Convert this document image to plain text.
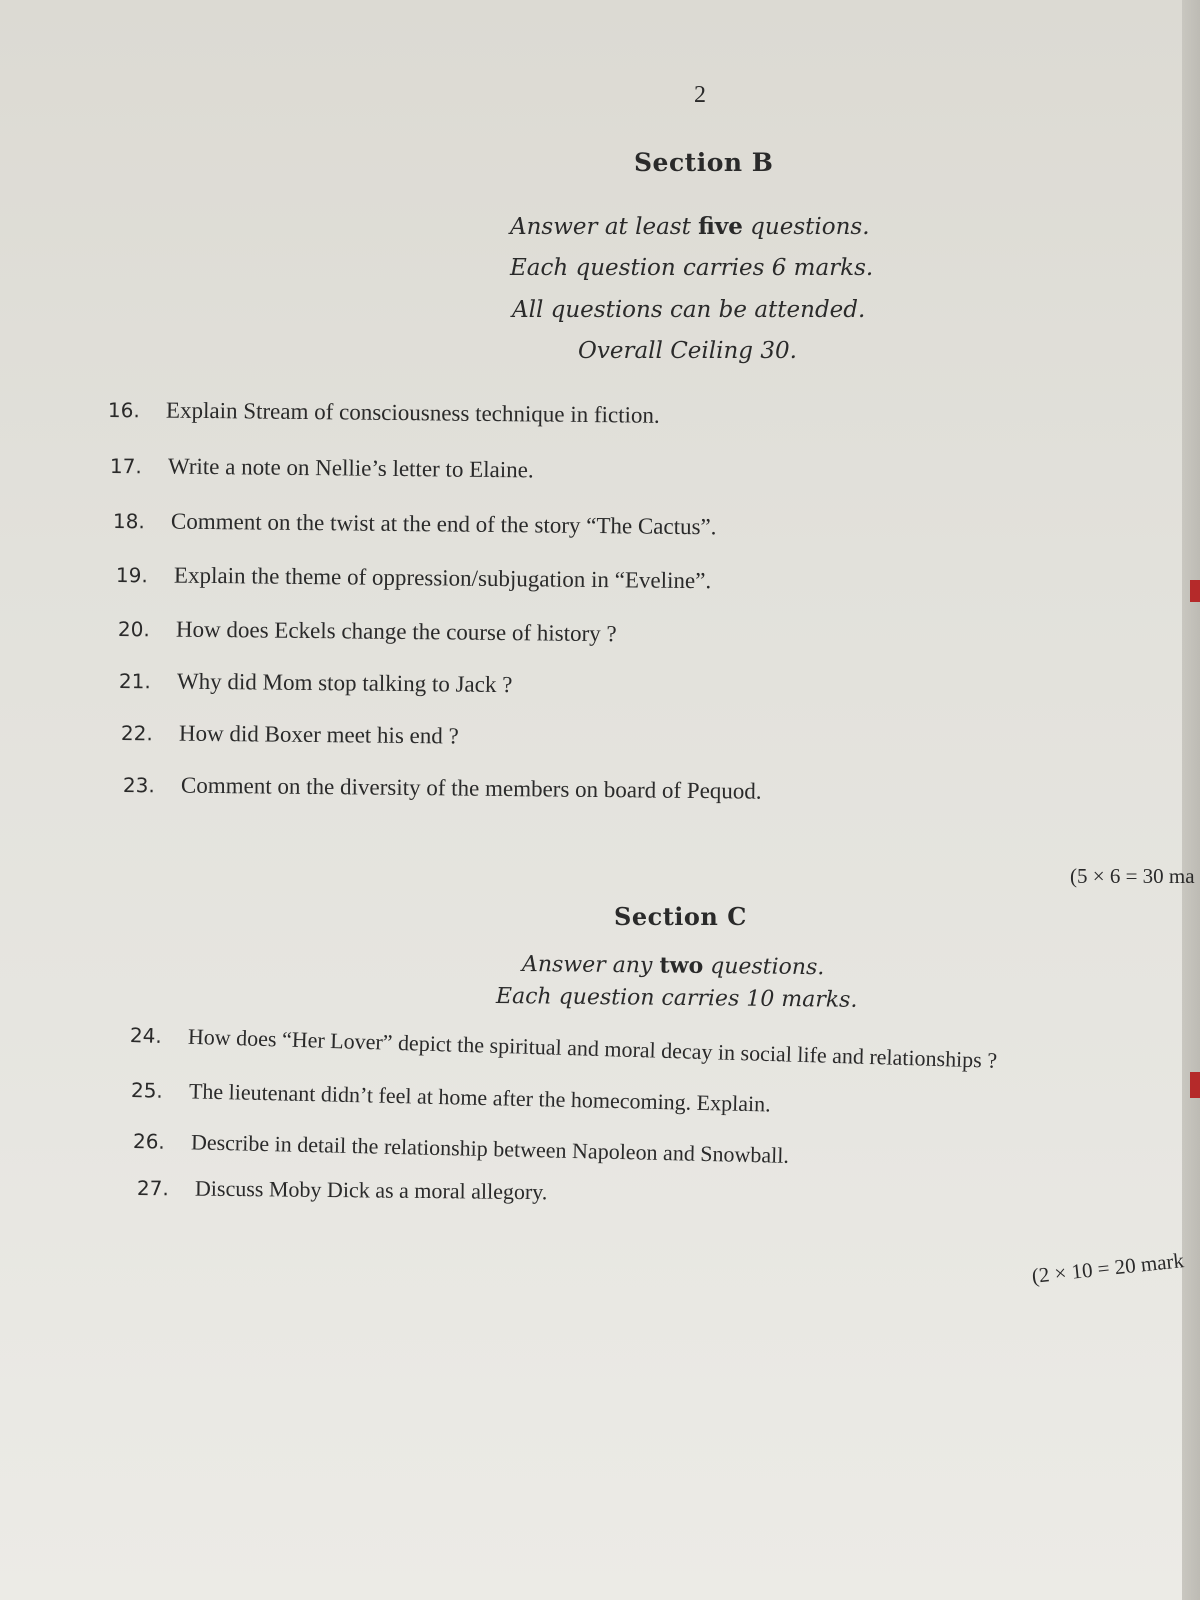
2
Section B
Answer at least five questions.
Each question carries 6 marks.
All questions can be attended.
Overall Ceiling 30.
16. Explain Stream of consciousness technique in fiction.
17. Write a note on Nellie’s letter to Elaine.
18. Comment on the twist at the end of the story “The Cactus”.
19. Explain the theme of oppression/subjugation in “Eveline”.
20. How does Eckels change the course of history ?
21. Why did Mom stop talking to Jack ?
22. How did Boxer meet his end ?
23. Comment on the diversity of the members on board of Pequod.
(5 × 6 = 30 ma
Section C
Answer any two questions.
Each question carries 10 marks.
24. How does “Her Lover” depict the spiritual and moral decay in social life and relationships ?
25. The lieutenant didn’t feel at home after the homecoming. Explain.
26. Describe in detail the relationship between Napoleon and Snowball.
27. Discuss Moby Dick as a moral allegory.
(2 × 10 = 20 mark
